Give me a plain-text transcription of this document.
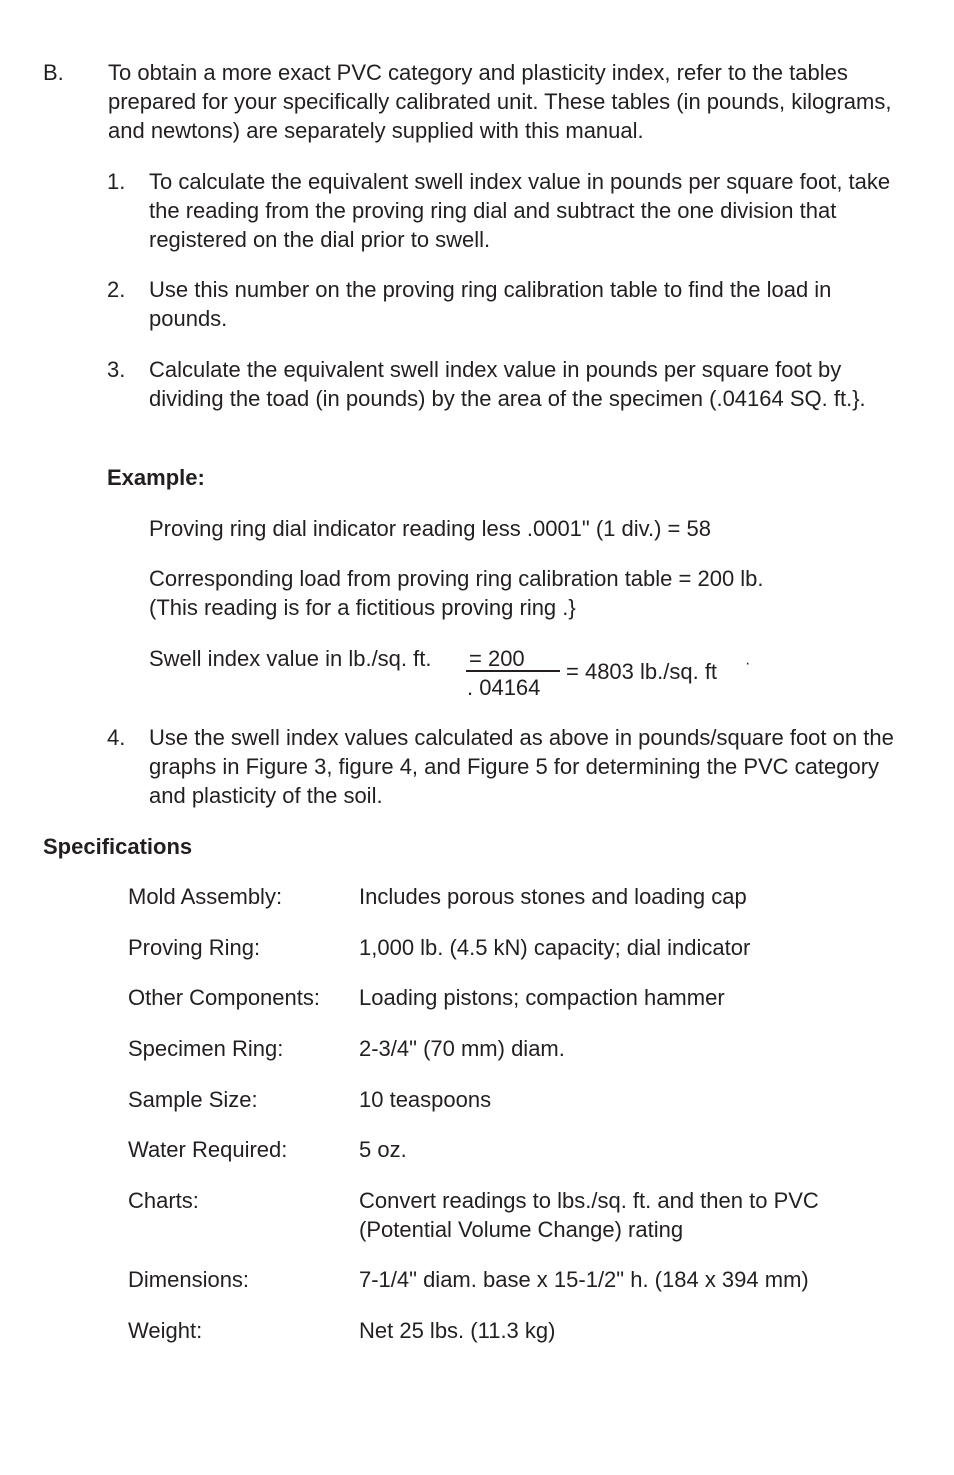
B. To obtain a more exact PVC category and plasticity index, refer to the tables prepared for your specifically calibrated unit. These tables (in pounds, kilograms, and newtons) are separately supplied with this manual.
1. To calculate the equivalent swell index value in pounds per square foot, take the reading from the proving ring dial and subtract the one division that registered on the dial prior to swell.
2. Use this number on the proving ring calibration table to find the load in pounds.
3. Calculate the equivalent swell index value in pounds per square foot by dividing the toad (in pounds) by the area of the specimen (.04164 SQ. ft.}.
Example:
Proving ring dial indicator reading less .0001" (1 div.) = 58
Corresponding load from proving ring calibration table = 200 lb.
(This reading is for a fictitious proving ring .}
Swell index value in lb./sq. ft. = 200
. 04164
= 4803 lb./sq. ft ·
4. Use the swell index values calculated as above in pounds/square foot on the graphs in Figure 3, figure 4, and Figure 5 for determining the PVC category and plasticity of the soil.
Specifications
Mold Assembly:	Includes porous stones and loading cap
Proving Ring:	1,000 lb. (4.5 kN) capacity; dial indicator
Other Components: Loading pistons; compaction hammer
Specimen Ring:	2-3/4" (70 mm) diam.
Sample Size:	10 teaspoons
Water Required:	5 oz.
Charts:	Convert readings to lbs./sq. ft. and then to PVC (Potential Volume Change) rating
Dimensions:	7-1/4" diam. base x 15-1/2" h. (184 x 394 mm)
Weight:	Net 25 lbs. (11.3 kg)
